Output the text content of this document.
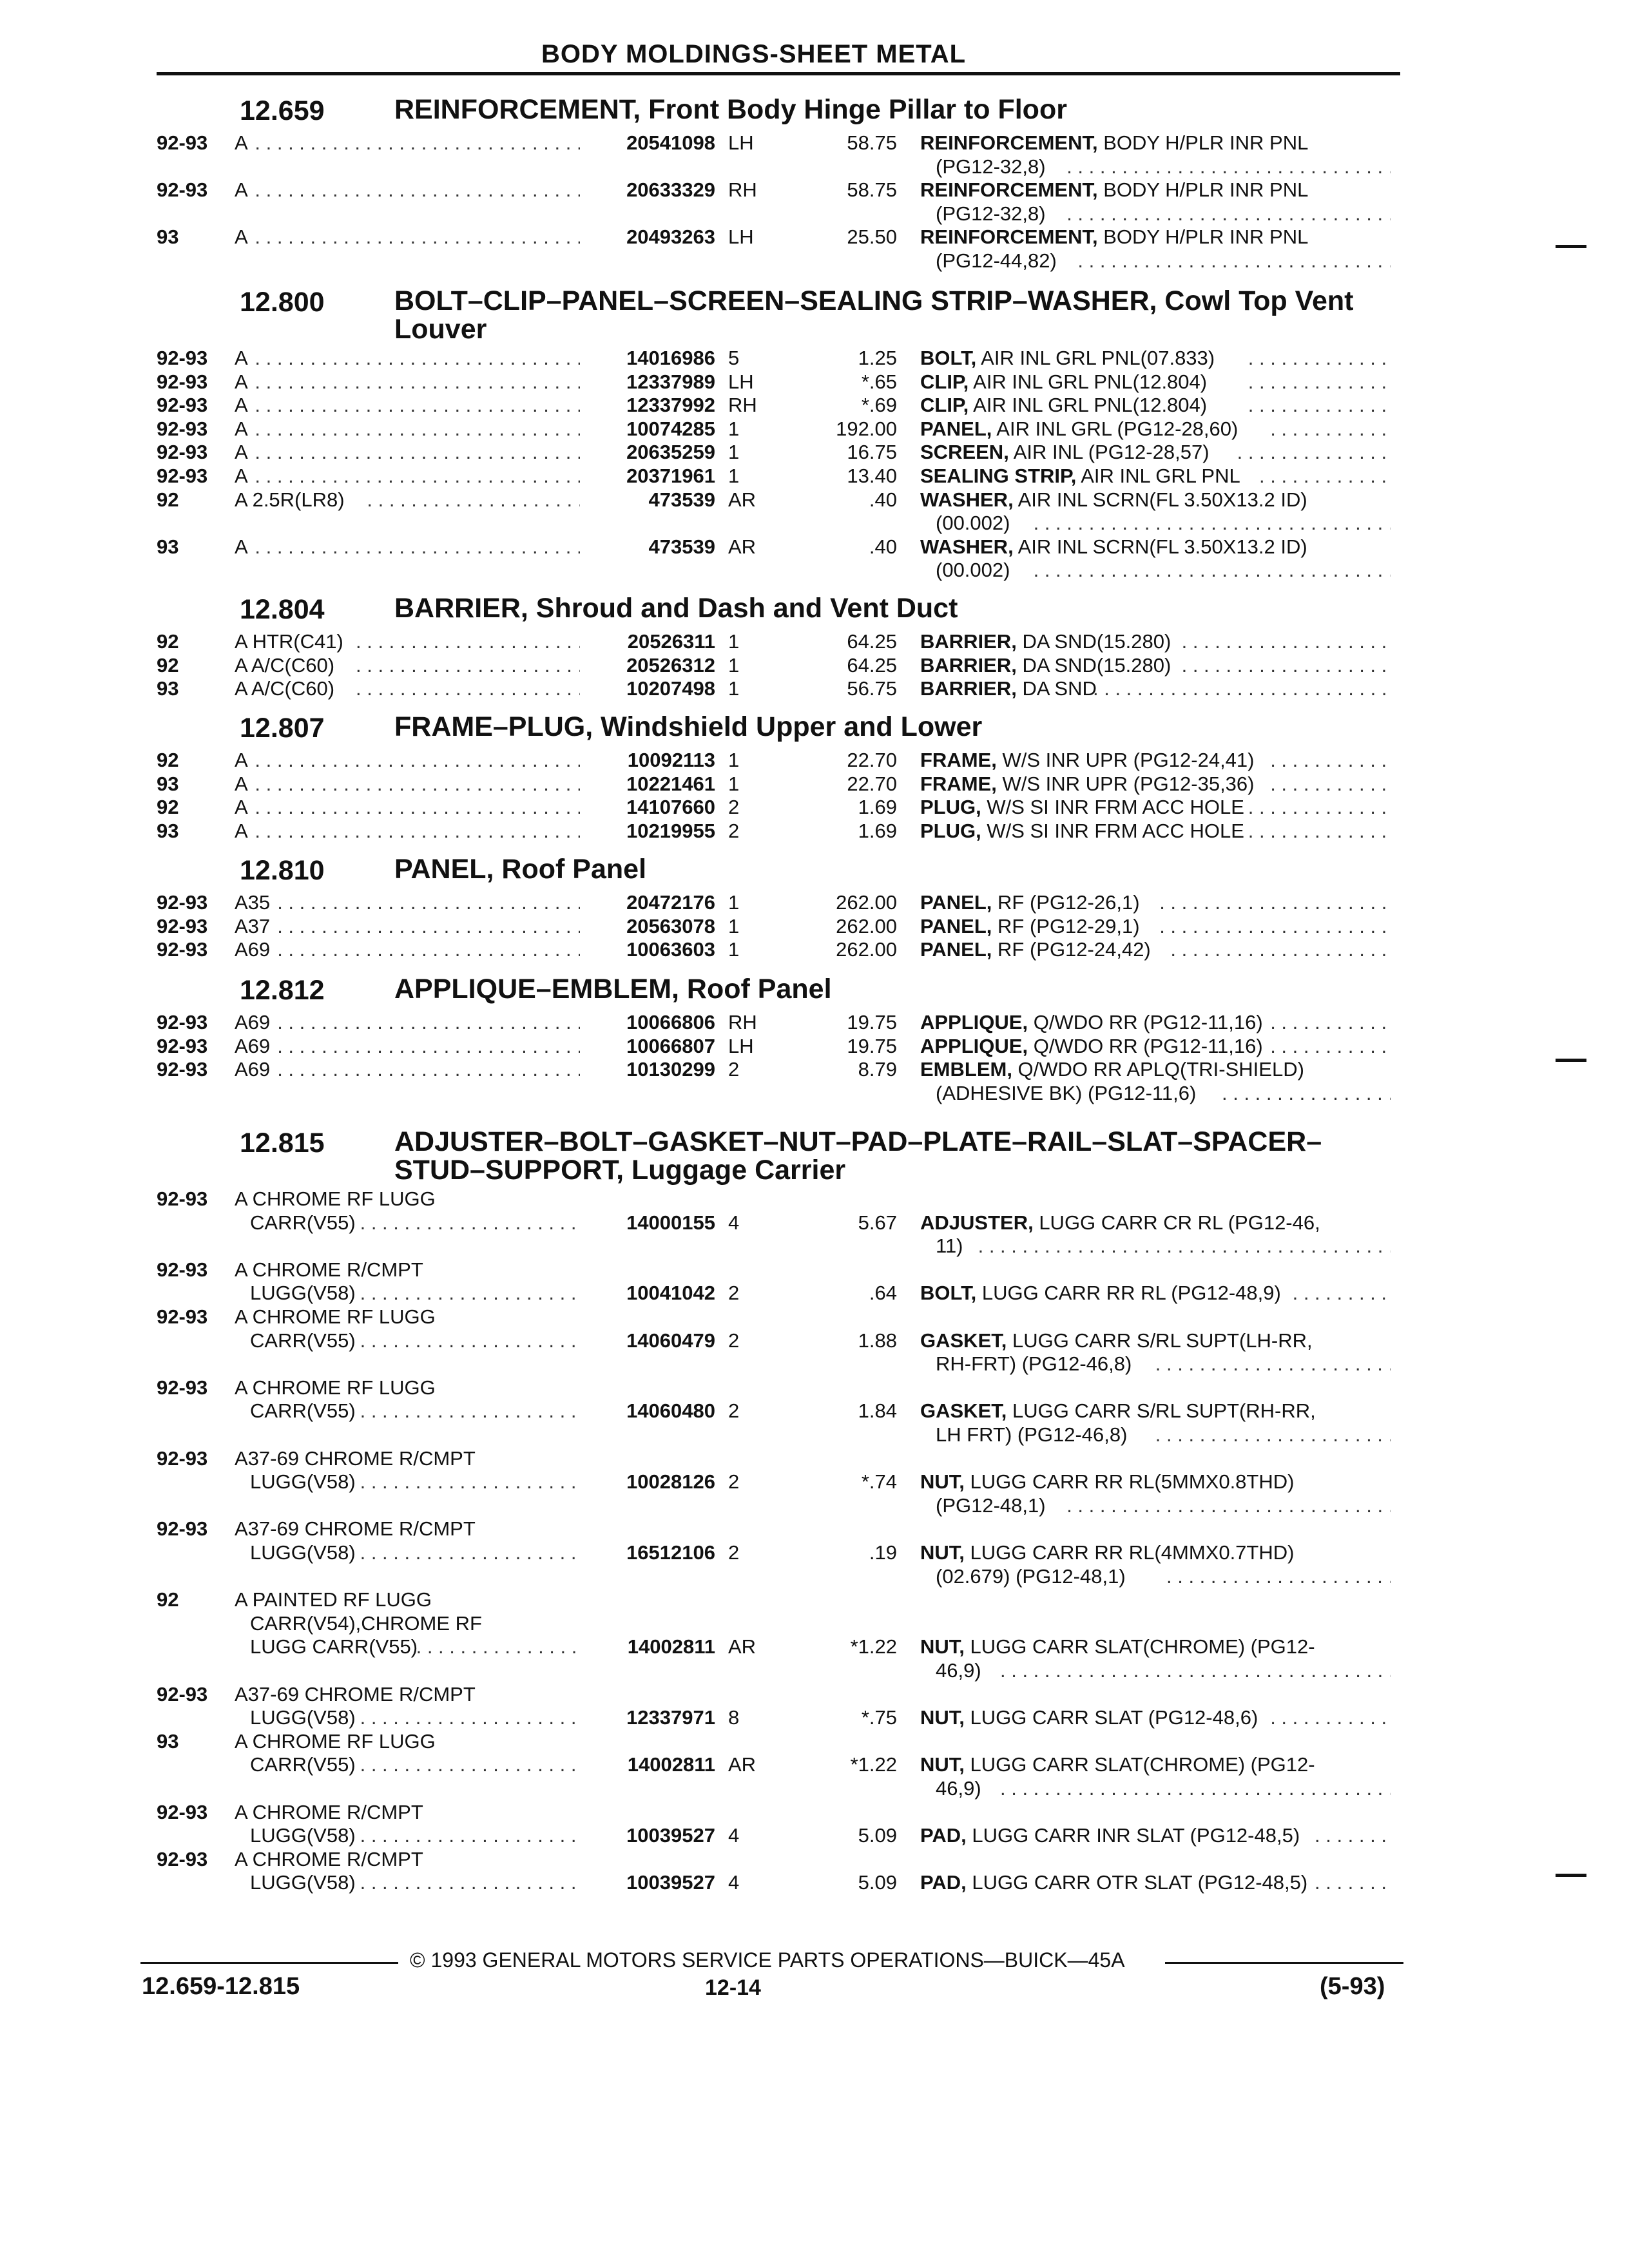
BODY MOLDINGS-SHEET METAL
12.659	REINFORCEMENT, Front Body Hinge Pillar to Floor
92-93 A . . .	20541098 LH	58.75 REINFORCEMENT, BODY H/PLR INR PNL
(PG12-32,8)
. . .
92-93 A . . .	20633329 RH	58.75 REINFORCEMENT, BODY H/PLR INR PNL
(PG12-32,8)
. . .
93	A . . .	20493263 LH	25.50 REINFORCEMENT, BODY H/PLR INR PNL
(PG12-44,82)
. . .
12.800	BOLT–CLIP–PANEL–SCREEN–SEALING STRIP–WASHER, Cowl Top Vent Louver
92-93 A . . .	14016986 5	1.25 BOLT, AIR INL GRL PNL(07.833)
. . .
92-93 A . . .	12337989 LH	*.65 CLIP, AIR INL GRL PNL(12.804)
. . .
92-93 A . . .	12337992 RH	*.69 CLIP, AIR INL GRL PNL(12.804)
. . .
92-93 A . . .	10074285 1	192.00 PANEL, AIR INL GRL (PG12-28,60)
. . .
92-93 A . . .	20635259 1	16.75 SCREEN, AIR INL (PG12-28,57)
. . .
92-93 A . . .	20371961 1	13.40 SEALING STRIP, AIR INL GRL PNL
. . .
92	A 2.5R(LR8) . . .	473539 AR	.40 WASHER, AIR INL SCRN(FL 3.50X13.2 ID)
(00.002)
. . .
93	A . . .	473539 AR	.40 WASHER, AIR INL SCRN(FL 3.50X13.2 ID)
(00.002)
. . .
12.804	BARRIER, Shroud and Dash and Vent Duct
92	A HTR(C41) . . .	20526311 1	64.25 BARRIER, DA SND(15.280)
. . .
92	A A/C(C60) . . .	20526312 1	64.25 BARRIER, DA SND(15.280)
. . .
93	A A/C(C60) . . .	10207498 1	56.75 BARRIER, DA SND
. . .
12.807	FRAME–PLUG, Windshield Upper and Lower
92	A . . .	10092113 1	22.70 FRAME, W/S INR UPR (PG12-24,41)
. . .
93	A . . .	10221461 1	22.70 FRAME, W/S INR UPR (PG12-35,36)
. . .
92	A . . .	14107660 2	1.69 PLUG, W/S SI INR FRM ACC HOLE
. . .
93	A . . .	10219955 2	1.69 PLUG, W/S SI INR FRM ACC HOLE
. . .
12.810	PANEL, Roof Panel
92-93 A35 . . .	20472176 1	262.00 PANEL, RF (PG12-26,1)
. . .
92-93 A37 . . .	20563078 1	262.00 PANEL, RF (PG12-29,1)
. . .
92-93 A69 . . .	10063603 1	262.00 PANEL, RF (PG12-24,42)
. . .
12.812	APPLIQUE–EMBLEM, Roof Panel
92-93 A69 . . .	10066806 RH	19.75 APPLIQUE, Q/WDO RR (PG12-11,16)
. . .
92-93 A69 . . .	10066807 LH	19.75 APPLIQUE, Q/WDO RR (PG12-11,16)
. . .
92-93 A69 . . .	10130299 2	8.79 EMBLEM, Q/WDO RR APLQ(TRI-SHIELD)
(ADHESIVE BK) (PG12-11,6)
. . .
12.815	ADJUSTER–BOLT–GASKET–NUT–PAD–PLATE–RAIL–SLAT–SPACER–STUD–SUPPORT, Luggage Carrier
92-93 A CHROME RF LUGG
CARR(V55) . . .	14000155 4	5.67 ADJUSTER, LUGG CARR CR RL (PG12-46,
11)
. . .
92-93 A CHROME R/CMPT
LUGG(V58) . . .	10041042 2	.64 BOLT, LUGG CARR RR RL (PG12-48,9)
. . .
92-93 A CHROME RF LUGG
CARR(V55) . . .	14060479 2	1.88 GASKET, LUGG CARR S/RL SUPT(LH-RR,
RH-FRT) (PG12-46,8)
. . .
92-93 A CHROME RF LUGG
CARR(V55) . . .	14060480 2	1.84 GASKET, LUGG CARR S/RL SUPT(RH-RR,
LH FRT) (PG12-46,8)
. . .
92-93 A37-69 CHROME R/CMPT
LUGG(V58) . . .	10028126 2	*.74 NUT, LUGG CARR RR RL(5MMX0.8THD)
(PG12-48,1)
. . .
92-93 A37-69 CHROME R/CMPT
LUGG(V58) . . .	16512106 2	.19 NUT, LUGG CARR RR RL(4MMX0.7THD)
(02.679) (PG12-48,1)
. . .
92	A PAINTED RF LUGG
CARR(V54),CHROME RF
LUGG CARR(V55) . . .	14002811 AR	*1.22 NUT, LUGG CARR SLAT(CHROME) (PG12-
46,9)
. . .
92-93 A37-69 CHROME R/CMPT
LUGG(V58) . . .	12337971 8	*.75 NUT, LUGG CARR SLAT (PG12-48,6)
. . .
93	A CHROME RF LUGG
CARR(V55) . . .	14002811 AR	*1.22 NUT, LUGG CARR SLAT(CHROME) (PG12-
46,9)
. . .
92-93 A CHROME R/CMPT
LUGG(V58) . . .	10039527 4	5.09 PAD, LUGG CARR INR SLAT (PG12-48,5)
. . .
92-93 A CHROME R/CMPT
LUGG(V58) . . .	10039527 4	5.09 PAD, LUGG CARR OTR SLAT (PG12-48,5)
. . .
© 1993 GENERAL MOTORS SERVICE PARTS OPERATIONS—BUICK—45A
12.659-12.815	12-14	(5-93)
